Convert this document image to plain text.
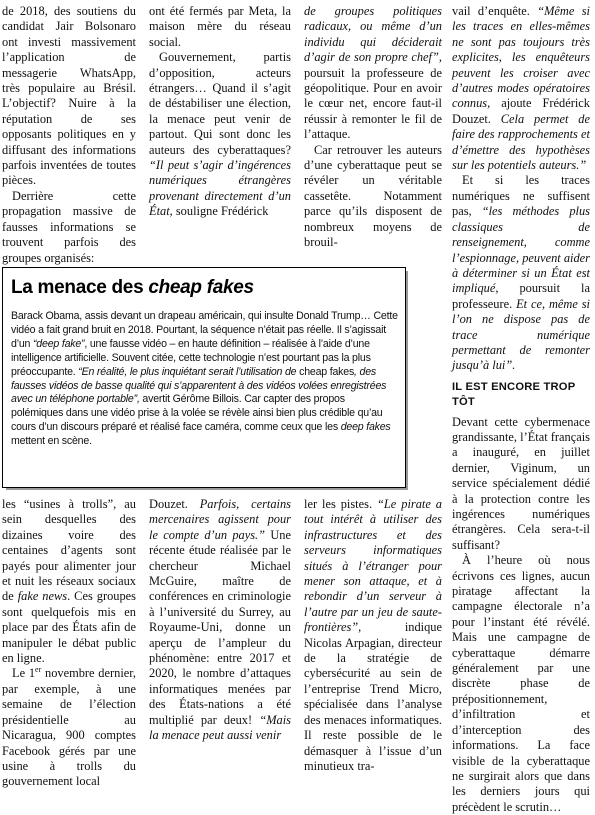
de 2018, des soutiens du candidat Jair Bolsonaro ont investi massivement l’application de messagerie WhatsApp, très populaire au Brésil. L’objectif? Nuire à la réputation de ses opposants politiques en y diffusant des informations parfois inventées de toutes pièces.

Derrière cette propagation massive de fausses informations se trouvent parfois des groupes organisés:

ont été fermés par Meta, la maison mère du réseau social.

Gouvernement, partis d’opposition, acteurs étrangers… Quand il s’agit de déstabiliser une élection, la menace peut venir de partout. Qui sont donc les auteurs des cyberattaques? “Il peut s’agir d’ingérences numériques étrangères provenant directement d’un État, souligne Frédérick

de groupes politiques radicaux, ou même d’un individu qui déciderait d’agir de son propre chef”, poursuit la professeure de géopolitique. Pour en avoir le cœur net, encore faut-il réussir à remonter le fil de l’attaque.

Car retrouver les auteurs d’une cyberattaque peut se révéler un véritable cassetête. Notamment parce qu’ils disposent de nombreux moyens de brouil-

vail d’enquête. “Même si les traces en elles-mêmes ne sont pas toujours très explicites, les enquêteurs peuvent les croiser avec d’autres modes opératoires connus, ajoute Frédérick Douzet. Cela permet de faire des rapprochements et d’émettre des hypothèses sur les potentiels auteurs.”

Et si les traces numériques ne suffisent pas, “les méthodes plus classiques de renseignement, comme l’espionnage, peuvent aider à déterminer si un État est impliqué, poursuit la professeure. Et ce, même si l’on ne dispose pas de trace numérique permettant de remonter jusqu’à lui”.

IL EST ENCORE TROP TÔT

Devant cette cybermenace grandissante, l’État français a inauguré, en juillet dernier, Viginum, un service spécialement dédié à la protection contre les ingérences numériques étrangères. Cela sera-t-il suffisant?

À l’heure où nous écrivons ces lignes, aucun piratage affectant la campagne électorale n’a pour l’instant été révélé. Mais une campagne de cyberattaque démarre généralement par une discrète phase de prépositionnement, d’infiltration et d’interception des informations. La face visible de la cyberattaque ne surgirait alors que dans les derniers jours qui précèdent le scrutin…

La menace des cheap fakes

Barack Obama, assis devant un drapeau américain, qui insulte Donald Trump… Cette vidéo a fait grand bruit en 2018. Pourtant, la séquence n’était pas réelle. Il s’agissait d’un “deep fake”, une fausse vidéo – en haute définition – réalisée à l’aide d’une intelligence artificielle. Souvent citée, cette technologie n’est pourtant pas la plus préoccupante. “En réalité, le plus inquiétant serait l’utilisation de cheap fakes, des fausses vidéos de basse qualité qui s’apparentent à des vidéos volées enregistrées avec un téléphone portable”, avertit Gérôme Billois. Car capter des propos polémiques dans une vidéo prise à la volée se révèle ainsi bien plus crédible qu’au cours d’un discours préparé et réalisé face caméra, comme ceux que les deep fakes mettent en scène.

les “usines à trolls”, au sein desquelles des dizaines voire des centaines d’agents sont payés pour alimenter jour et nuit les réseaux sociaux de fake news. Ces groupes sont quelquefois mis en place par des États afin de manipuler le débat public en ligne.

Le 1er novembre dernier, par exemple, à une semaine de l’élection présidentielle au Nicaragua, 900 comptes Facebook gérés par une usine à trolls du gouvernement local

Douzet. Parfois, certains mercenaires agissent pour le compte d’un pays.” Une récente étude réalisée par le chercheur Michael McGuire, maître de conférences en criminologie à l’université du Surrey, au Royaume-Uni, donne un aperçu de l’ampleur du phénomène: entre 2017 et 2020, le nombre d’attaques informatiques menées par des États-nations a été multiplié par deux! “Mais la menace peut aussi venir

ler les pistes. “Le pirate a tout intérêt à utiliser des infrastructures et des serveurs informatiques situés à l’étranger pour mener son attaque, et à rebondir d’un serveur à l’autre par un jeu de saute-frontières”,	indique Nicolas Arpagian, directeur de la stratégie de cybersécurité au sein de l’entreprise Trend Micro, spécialisée dans l’analyse des menaces informatiques. Il reste possible de le démasquer à l’issue d’un minutieux tra-
